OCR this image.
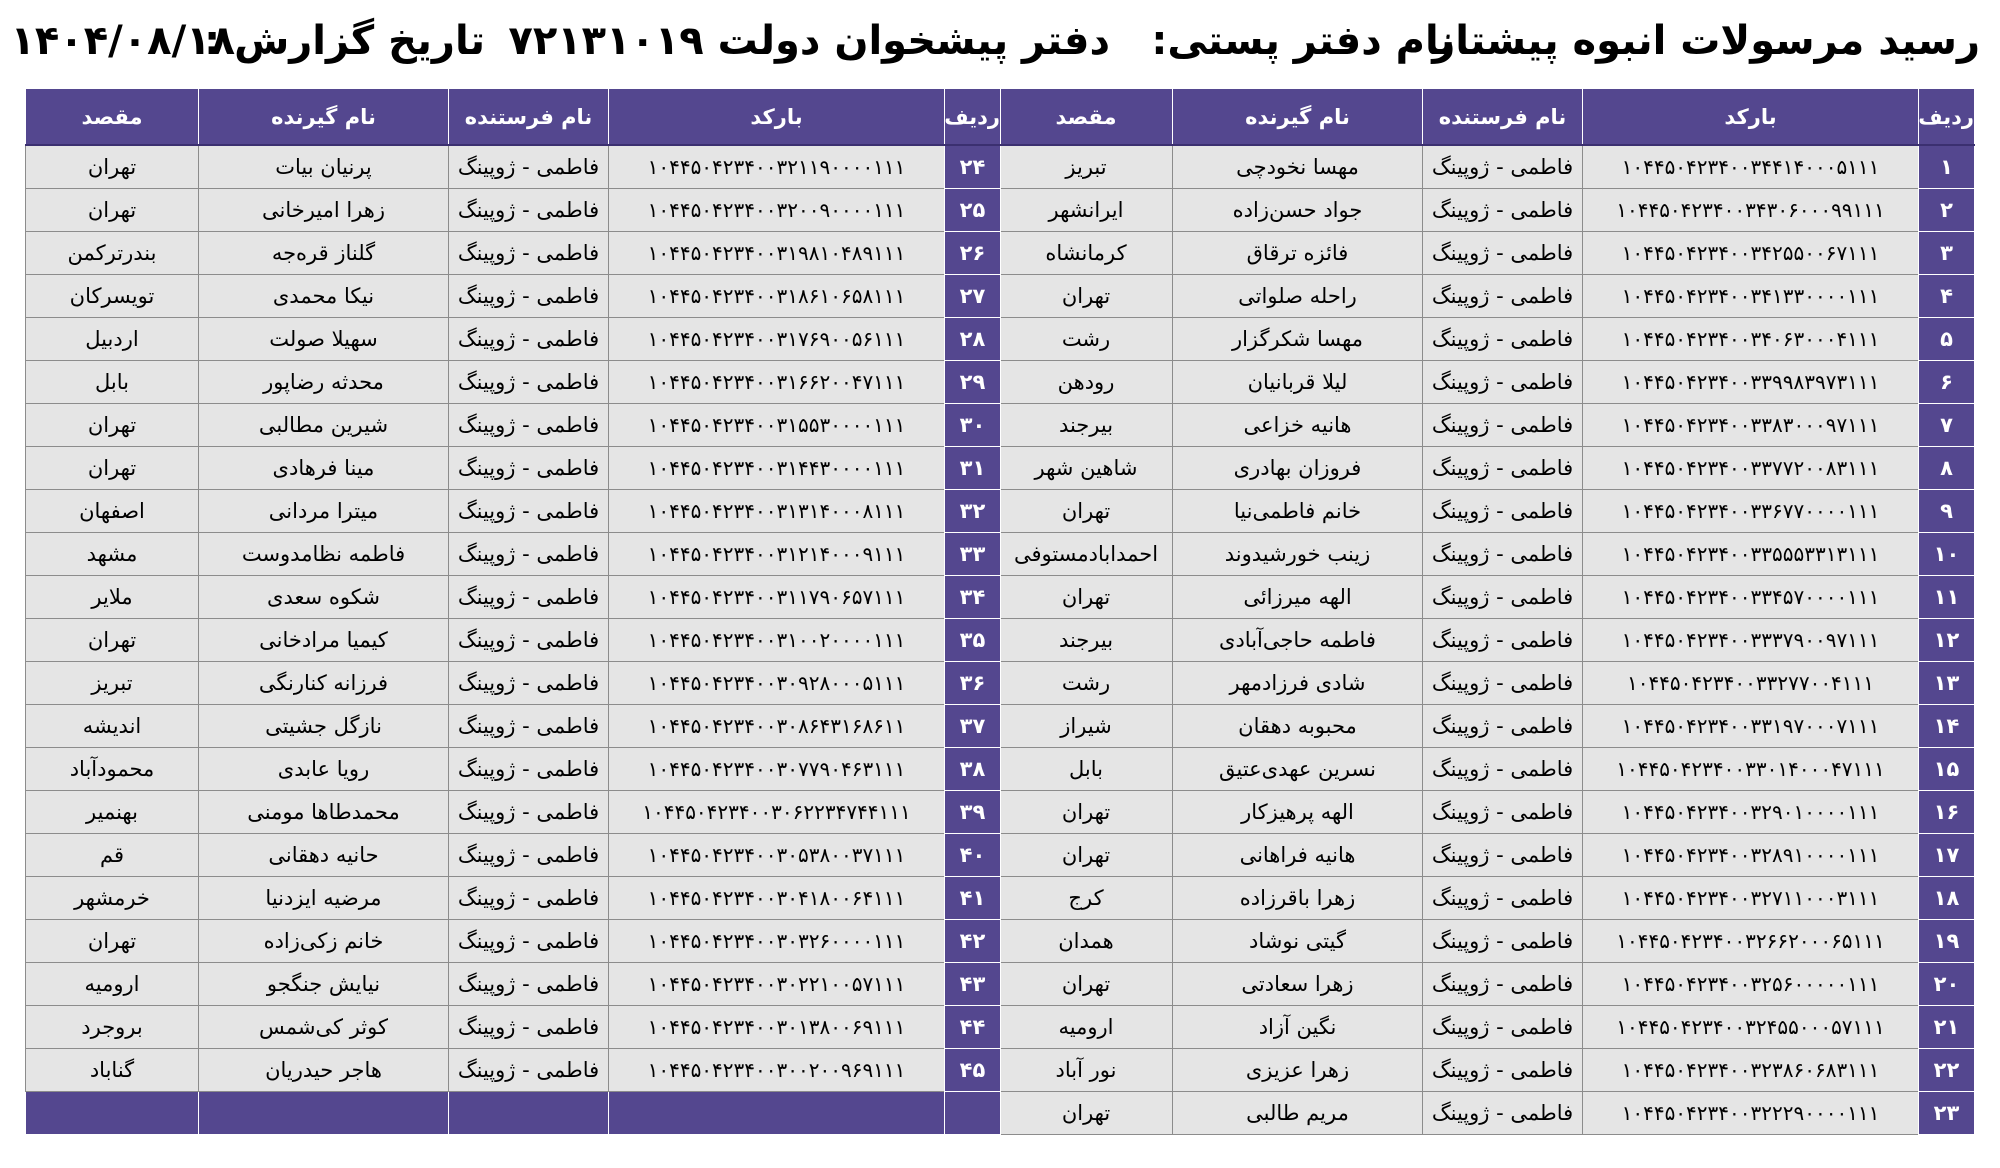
رسید مرسولات انبوه پیشتاز
نام دفتر پستی:
دفتر پیشخوان دولت ۷۲۱۳۱۰۱۹
تاریخ گزارش :
۱۴۰۴/۰۸/۱۸
ردیف	بارکد	نام فرستنده	نام گیرنده	مقصد
۱	۱۰۴۴۵۰۴۲۳۴۰۰۳۴۴۱۴۰۰۰۵۱۱۱	فاطمی - ژوپینگ	مهسا نخودچی	تبریز
۲	۱۰۴۴۵۰۴۲۳۴۰۰۳۴۳۰۶۰۰۰۹۹۱۱۱	فاطمی - ژوپینگ	جواد حسن‌زاده	ایرانشهر
۳	۱۰۴۴۵۰۴۲۳۴۰۰۳۴۲۵۵۰۰۶۷۱۱۱	فاطمی - ژوپینگ	فائزه ترقاق	کرمانشاه
۴	۱۰۴۴۵۰۴۲۳۴۰۰۳۴۱۳۳۰۰۰۰۱۱۱	فاطمی - ژوپینگ	راحله صلواتی	تهران
۵	۱۰۴۴۵۰۴۲۳۴۰۰۳۴۰۶۳۰۰۰۴۱۱۱	فاطمی - ژوپینگ	مهسا شکرگزار	رشت
۶	۱۰۴۴۵۰۴۲۳۴۰۰۳۳۹۹۸۳۹۷۳۱۱۱	فاطمی - ژوپینگ	لیلا قربانیان	رودهن
۷	۱۰۴۴۵۰۴۲۳۴۰۰۳۳۸۳۰۰۰۹۷۱۱۱	فاطمی - ژوپینگ	هانیه خزاعی	بیرجند
۸	۱۰۴۴۵۰۴۲۳۴۰۰۳۳۷۷۲۰۰۸۳۱۱۱	فاطمی - ژوپینگ	فروزان بهادری	شاهین شهر
۹	۱۰۴۴۵۰۴۲۳۴۰۰۳۳۶۷۷۰۰۰۰۱۱۱	فاطمی - ژوپینگ	خانم فاطمی‌نیا	تهران
۱۰	۱۰۴۴۵۰۴۲۳۴۰۰۳۳۵۵۵۳۳۱۳۱۱۱	فاطمی - ژوپینگ	زینب خورشیدوند	احمدابادمستوفی
۱۱	۱۰۴۴۵۰۴۲۳۴۰۰۳۳۴۵۷۰۰۰۰۱۱۱	فاطمی - ژوپینگ	الهه میرزائی	تهران
۱۲	۱۰۴۴۵۰۴۲۳۴۰۰۳۳۳۷۹۰۰۹۷۱۱۱	فاطمی - ژوپینگ	فاطمه حاجی‌آبادی	بیرجند
۱۳	۱۰۴۴۵۰۴۲۳۴۰۰۳۳۲۷۷۰۰۴۱۱۱	فاطمی - ژوپینگ	شادی فرزادمهر	رشت
۱۴	۱۰۴۴۵۰۴۲۳۴۰۰۳۳۱۹۷۰۰۰۷۱۱۱	فاطمی - ژوپینگ	محبوبه دهقان	شیراز
۱۵	۱۰۴۴۵۰۴۲۳۴۰۰۳۳۰۱۴۰۰۰۴۷۱۱۱	فاطمی - ژوپینگ	نسرین عهدی‌عتیق	بابل
۱۶	۱۰۴۴۵۰۴۲۳۴۰۰۳۲۹۰۱۰۰۰۰۱۱۱	فاطمی - ژوپینگ	الهه پرهیزکار	تهران
۱۷	۱۰۴۴۵۰۴۲۳۴۰۰۳۲۸۹۱۰۰۰۰۱۱۱	فاطمی - ژوپینگ	هانیه فراهانی	تهران
۱۸	۱۰۴۴۵۰۴۲۳۴۰۰۳۲۷۱۱۰۰۰۳۱۱۱	فاطمی - ژوپینگ	زهرا باقرزاده	کرج
۱۹	۱۰۴۴۵۰۴۲۳۴۰۰۳۲۶۶۲۰۰۰۶۵۱۱۱	فاطمی - ژوپینگ	گیتی نوشاد	همدان
۲۰	۱۰۴۴۵۰۴۲۳۴۰۰۳۲۵۶۰۰۰۰۰۱۱۱	فاطمی - ژوپینگ	زهرا سعادتی	تهران
۲۱	۱۰۴۴۵۰۴۲۳۴۰۰۳۲۴۵۵۰۰۰۵۷۱۱۱	فاطمی - ژوپینگ	نگین آزاد	ارومیه
۲۲	۱۰۴۴۵۰۴۲۳۴۰۰۳۲۳۸۶۰۶۸۳۱۱۱	فاطمی - ژوپینگ	زهرا عزیزی	نور آباد
۲۳	۱۰۴۴۵۰۴۲۳۴۰۰۳۲۲۲۹۰۰۰۰۱۱۱	فاطمی - ژوپینگ	مریم طالبی	تهران
ردیف	بارکد	نام فرستنده	نام گیرنده	مقصد
۲۴	۱۰۴۴۵۰۴۲۳۴۰۰۳۲۱۱۹۰۰۰۰۱۱۱	فاطمی - ژوپینگ	پرنیان بیات	تهران
۲۵	۱۰۴۴۵۰۴۲۳۴۰۰۳۲۰۰۹۰۰۰۰۱۱۱	فاطمی - ژوپینگ	زهرا امیرخانی	تهران
۲۶	۱۰۴۴۵۰۴۲۳۴۰۰۳۱۹۸۱۰۴۸۹۱۱۱	فاطمی - ژوپینگ	گلناز قره‌جه	بندرترکمن
۲۷	۱۰۴۴۵۰۴۲۳۴۰۰۳۱۸۶۱۰۶۵۸۱۱۱	فاطمی - ژوپینگ	نیکا محمدی	تویسرکان
۲۸	۱۰۴۴۵۰۴۲۳۴۰۰۳۱۷۶۹۰۰۵۶۱۱۱	فاطمی - ژوپینگ	سهیلا صولت	اردبیل
۲۹	۱۰۴۴۵۰۴۲۳۴۰۰۳۱۶۶۲۰۰۴۷۱۱۱	فاطمی - ژوپینگ	محدثه رضاپور	بابل
۳۰	۱۰۴۴۵۰۴۲۳۴۰۰۳۱۵۵۳۰۰۰۰۱۱۱	فاطمی - ژوپینگ	شیرین مطالبی	تهران
۳۱	۱۰۴۴۵۰۴۲۳۴۰۰۳۱۴۴۳۰۰۰۰۱۱۱	فاطمی - ژوپینگ	مینا فرهادی	تهران
۳۲	۱۰۴۴۵۰۴۲۳۴۰۰۳۱۳۱۴۰۰۰۸۱۱۱	فاطمی - ژوپینگ	میترا مردانی	اصفهان
۳۳	۱۰۴۴۵۰۴۲۳۴۰۰۳۱۲۱۴۰۰۰۹۱۱۱	فاطمی - ژوپینگ	فاطمه نظامدوست	مشهد
۳۴	۱۰۴۴۵۰۴۲۳۴۰۰۳۱۱۷۹۰۶۵۷۱۱۱	فاطمی - ژوپینگ	شکوه سعدی	ملایر
۳۵	۱۰۴۴۵۰۴۲۳۴۰۰۳۱۰۰۲۰۰۰۰۱۱۱	فاطمی - ژوپینگ	کیمیا مرادخانی	تهران
۳۶	۱۰۴۴۵۰۴۲۳۴۰۰۳۰۹۲۸۰۰۰۵۱۱۱	فاطمی - ژوپینگ	فرزانه کنارنگی	تبریز
۳۷	۱۰۴۴۵۰۴۲۳۴۰۰۳۰۸۶۴۳۱۶۸۶۱۱	فاطمی - ژوپینگ	نازگل جشیتی	اندیشه
۳۸	۱۰۴۴۵۰۴۲۳۴۰۰۳۰۷۷۹۰۴۶۳۱۱۱	فاطمی - ژوپینگ	رویا عابدی	محمودآباد
۳۹	۱۰۴۴۵۰۴۲۳۴۰۰۳۰۶۲۲۳۴۷۴۴۱۱۱	فاطمی - ژوپینگ	محمدطاها مومنی	بهنمیر
۴۰	۱۰۴۴۵۰۴۲۳۴۰۰۳۰۵۳۸۰۰۳۷۱۱۱	فاطمی - ژوپینگ	حانیه دهقانی	قم
۴۱	۱۰۴۴۵۰۴۲۳۴۰۰۳۰۴۱۸۰۰۶۴۱۱۱	فاطمی - ژوپینگ	مرضیه ایزدنیا	خرمشهر
۴۲	۱۰۴۴۵۰۴۲۳۴۰۰۳۰۳۲۶۰۰۰۰۱۱۱	فاطمی - ژوپینگ	خانم زکی‌زاده	تهران
۴۳	۱۰۴۴۵۰۴۲۳۴۰۰۳۰۲۲۱۰۰۵۷۱۱۱	فاطمی - ژوپینگ	نیایش جنگجو	ارومیه
۴۴	۱۰۴۴۵۰۴۲۳۴۰۰۳۰۱۳۸۰۰۶۹۱۱۱	فاطمی - ژوپینگ	کوثر کی‌شمس	بروجرد
۴۵	۱۰۴۴۵۰۴۲۳۴۰۰۳۰۰۲۰۰۹۶۹۱۱۱	فاطمی - ژوپینگ	هاجر حیدریان	گناباد
